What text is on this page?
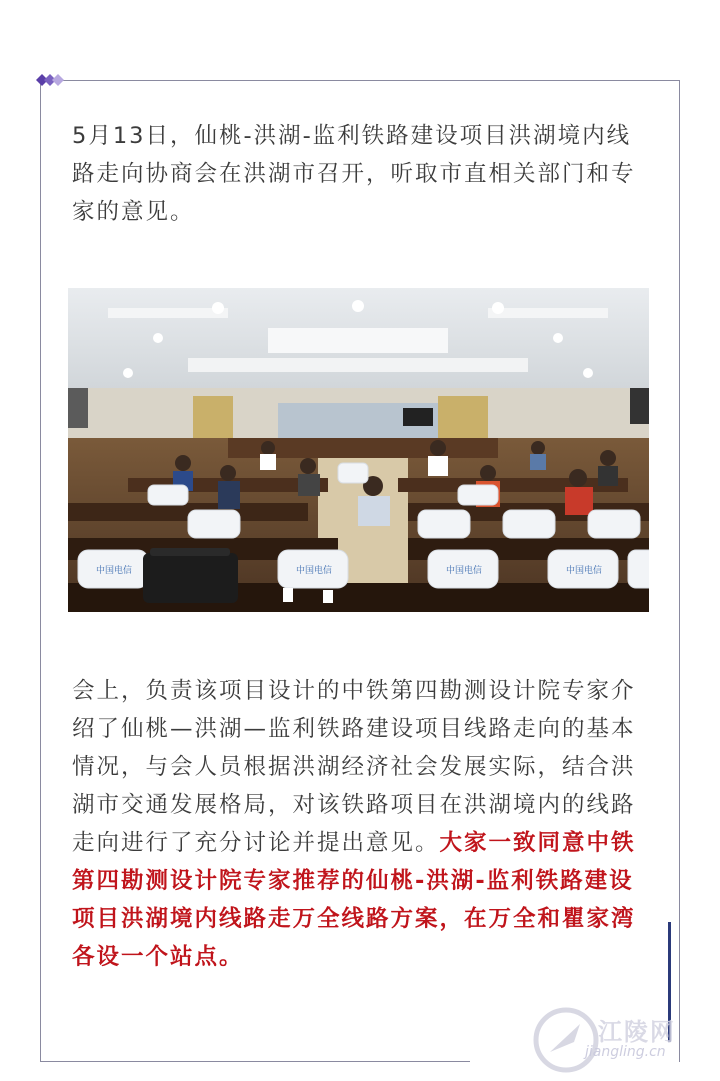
5月13日，仙桃-洪湖-监利铁路建设项目洪湖境内线路走向协商会在洪湖市召开，听取市直相关部门和专家的意见。

中国电信	中国电信	中国电信	中国电信

会上，负责该项目设计的中铁第四勘测设计院专家介绍了仙桃—洪湖—监利铁路建设项目线路走向的基本情况，与会人员根据洪湖经济社会发展实际，结合洪湖市交通发展格局，对该铁路项目在洪湖境内的线路走向进行了充分讨论并提出意见。大家一致同意中铁第四勘测设计院专家推荐的仙桃-洪湖-监利铁路建设项目洪湖境内线路走万全线路方案，在万全和瞿家湾各设一个站点。

江陵网
jiangling.cn
